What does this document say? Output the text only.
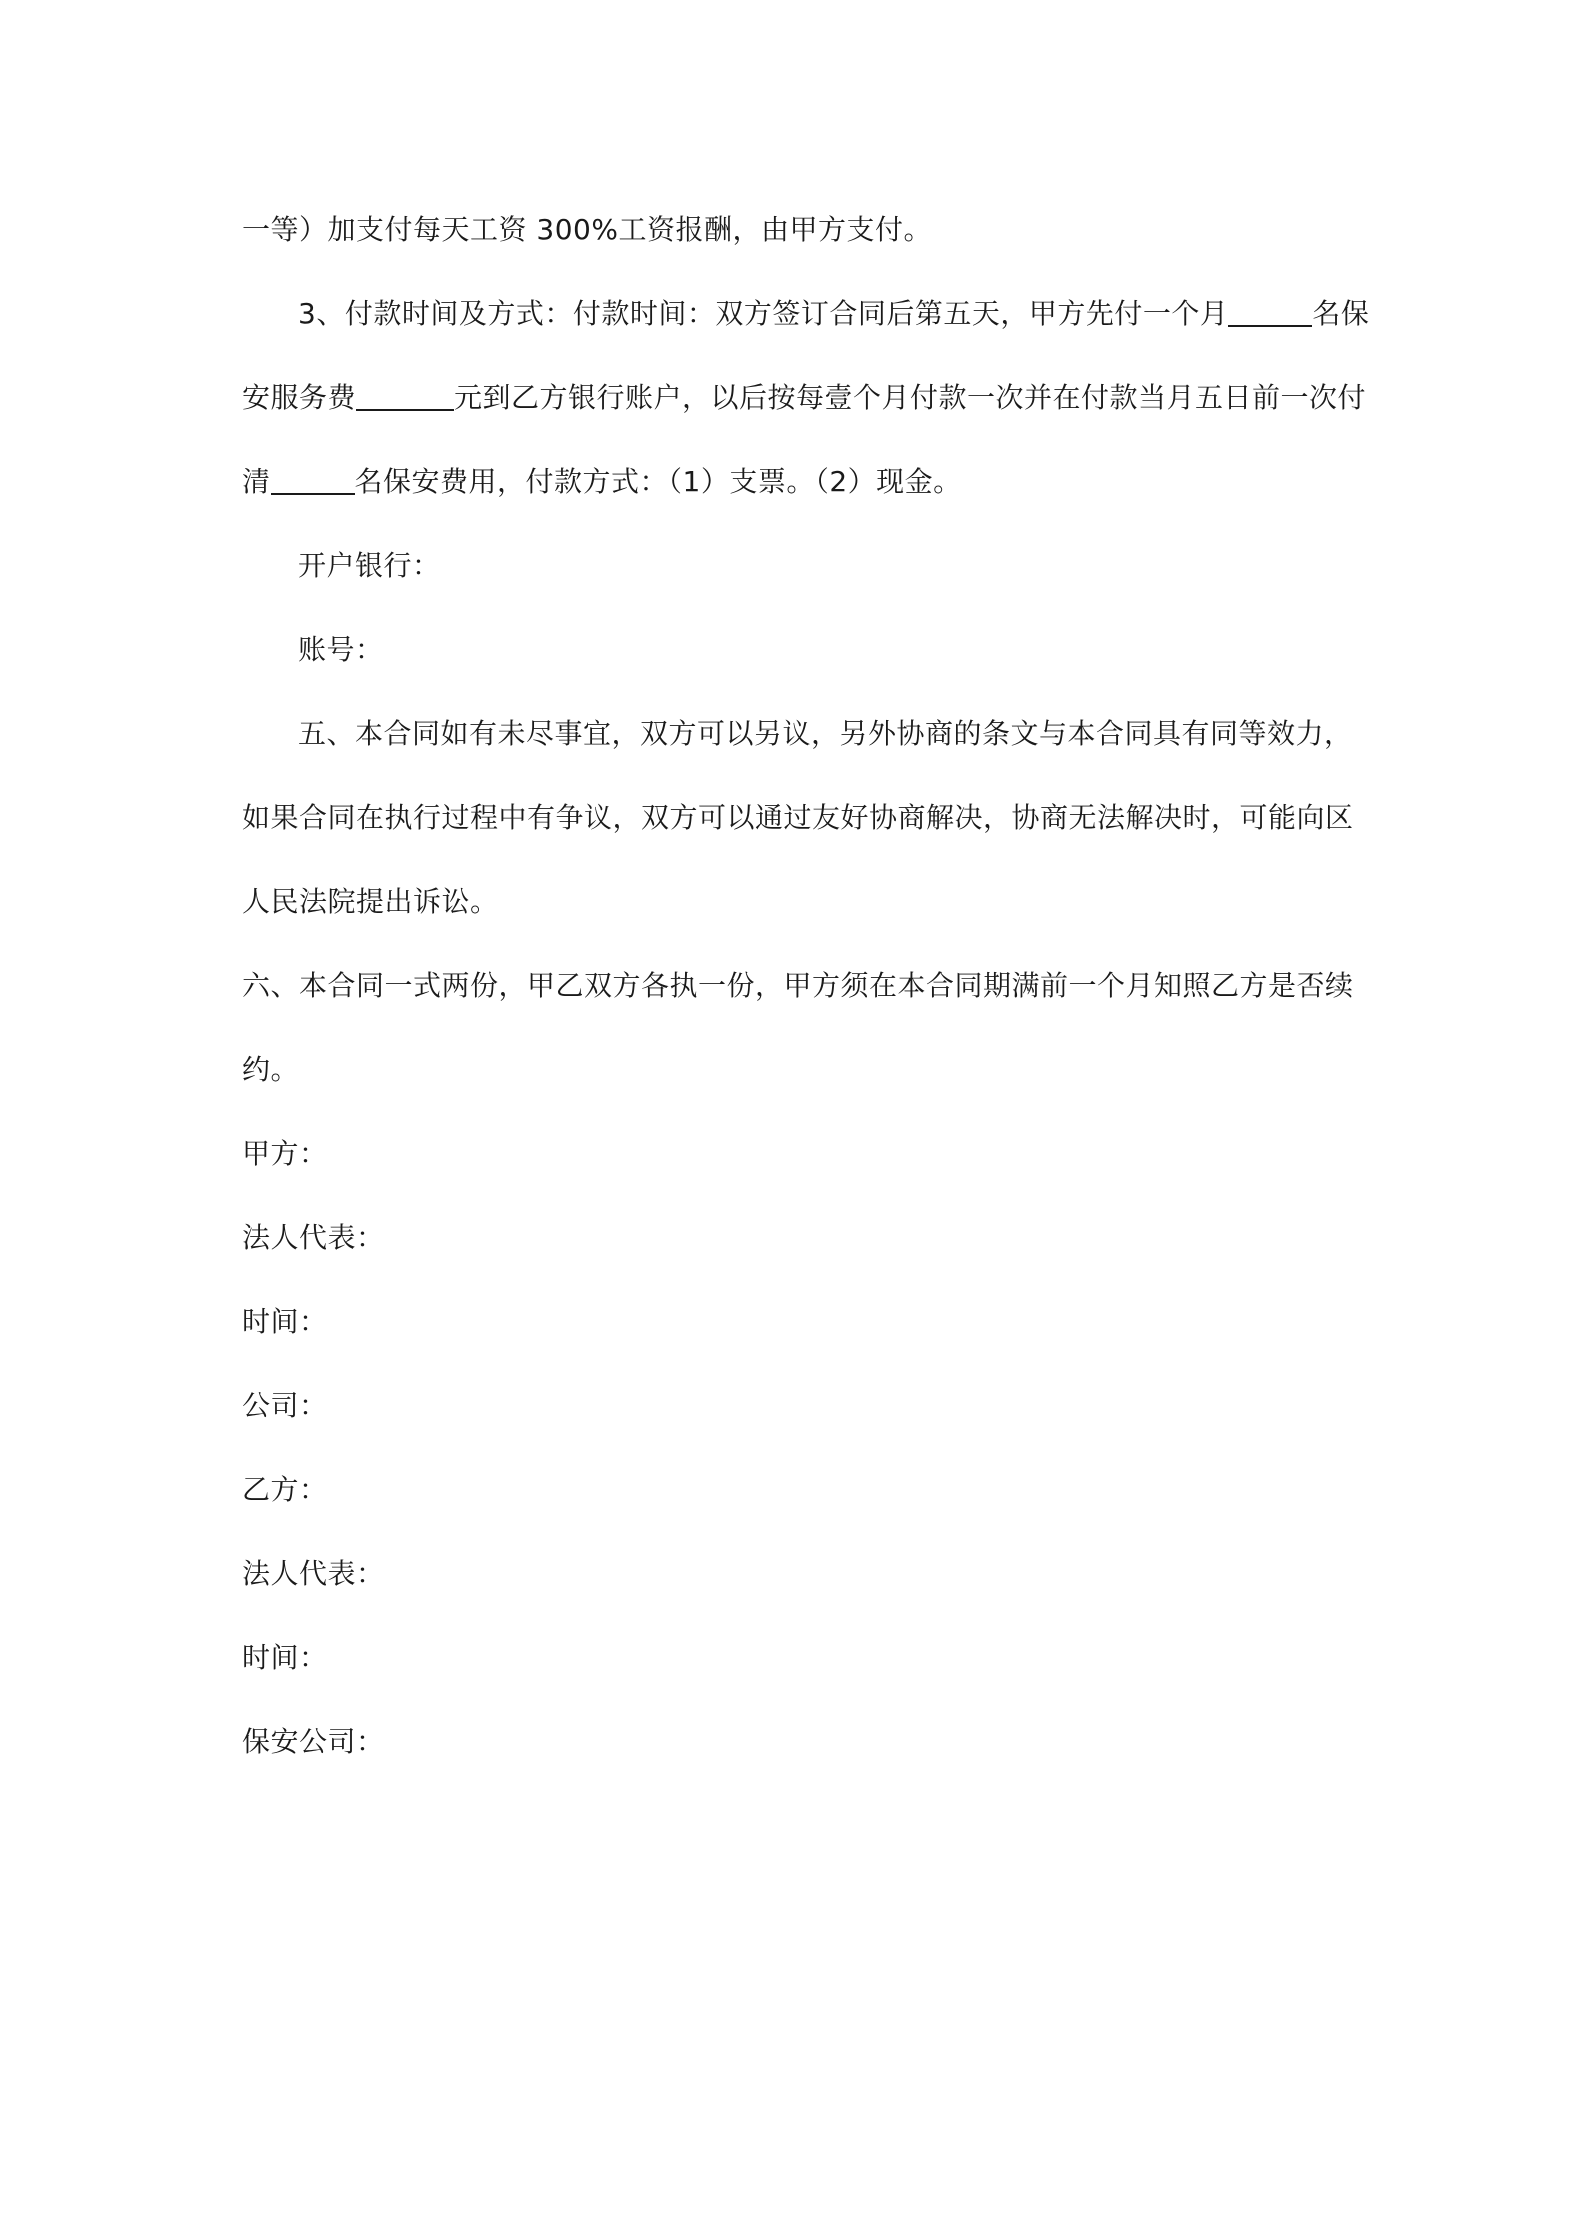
一等）加支付每天工资 300%工资报酬，由甲方支付。
3、付款时间及方式：付款时间：双方签订合同后第五天，甲方先付一个月	名保
安服务费	元到乙方银行账户，以后按每壹个月付款一次并在付款当月五日前一次付
清	名保安费用，付款方式：（1）支票。（2）现金。
开户银行：
账号：
五、本合同如有未尽事宜，双方可以另议，另外协商的条文与本合同具有同等效力，
如果合同在执行过程中有争议，双方可以通过友好协商解决，协商无法解决时，可能向区
人民法院提出诉讼。
六、本合同一式两份，甲乙双方各执一份，甲方须在本合同期满前一个月知照乙方是否续
约。
甲方：
法人代表：
时间：
公司：
乙方：
法人代表：
时间：
保安公司：
